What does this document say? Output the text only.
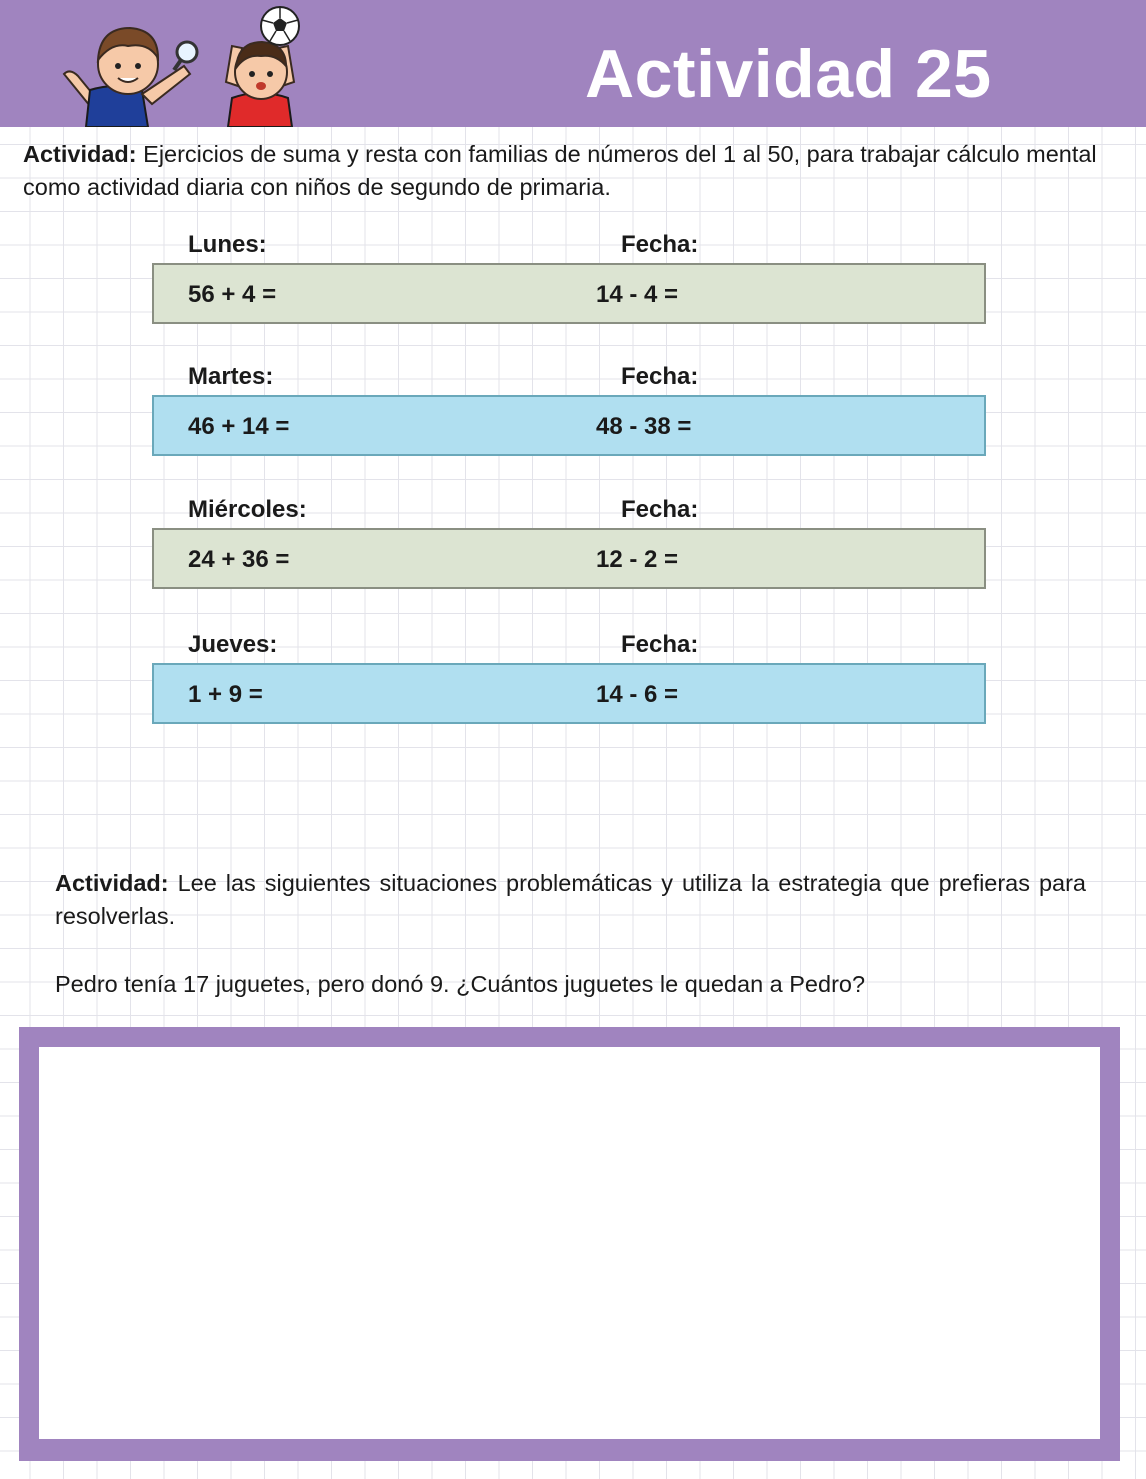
Actividad 25

Actividad: Ejercicios de suma y resta con familias de números del 1 al 50, para trabajar cálculo mental como actividad diaria con niños de segundo de primaria.

Lunes:	Fecha:
56 + 4 =	14 - 4 =
Martes:	Fecha:
46 + 14 =	48 - 38 =
Miércoles:	Fecha:
24 + 36 =	12 - 2 =
Jueves:	Fecha:
1 + 9 =	14 - 6 =

Actividad: Lee las siguientes situaciones problemáticas y utiliza la estrategia que prefieras para resolverlas.

Pedro tenía 17 juguetes, pero donó 9. ¿Cuántos juguetes le quedan a Pedro?
